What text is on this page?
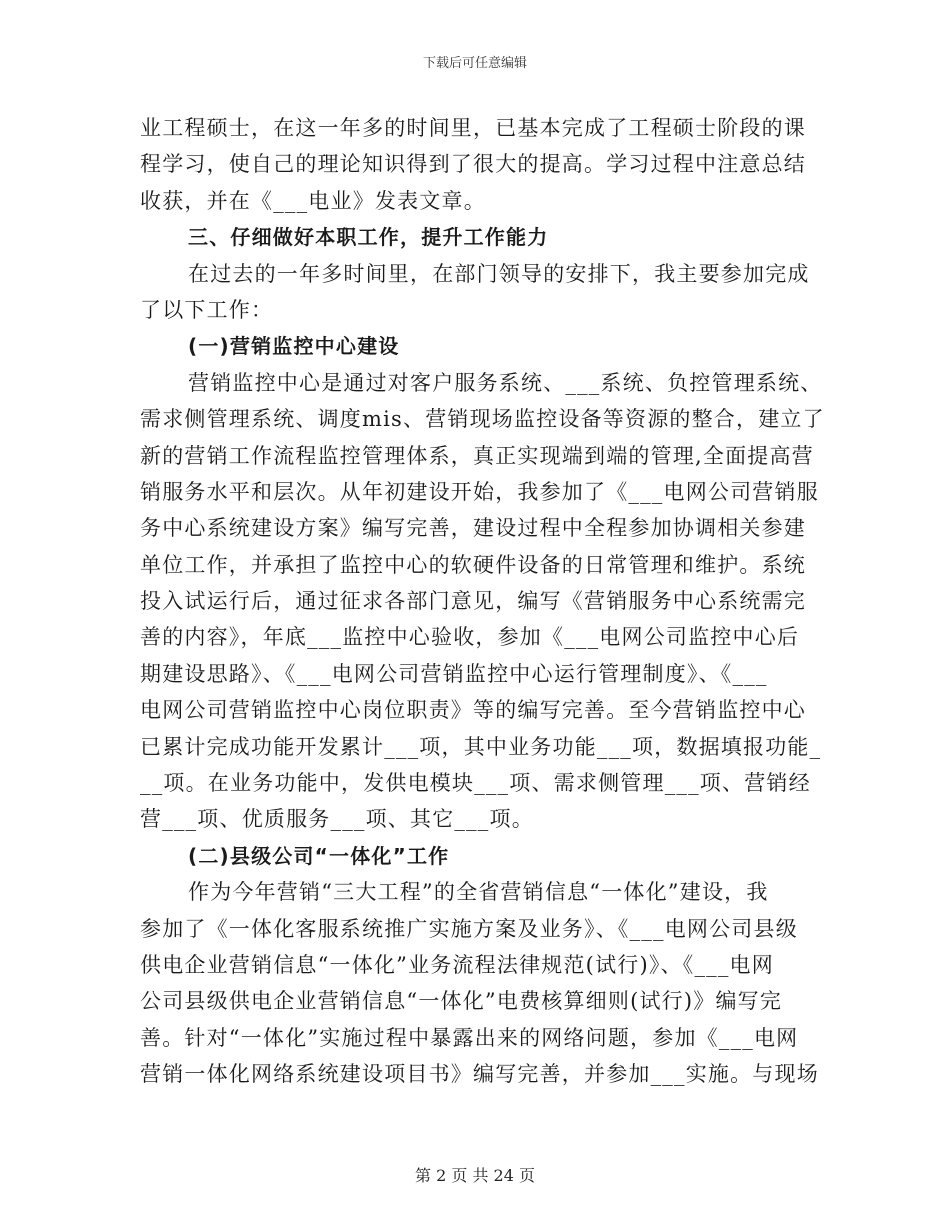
下载后可任意编辑
业工程硕士，在这一年多的时间里，已基本完成了工程硕士阶段的课
程学习，使自己的理论知识得到了很大的提高。学习过程中注意总结
收获，并在《___电业》发表文章。
三、仔细做好本职工作，提升工作能力
在过去的一年多时间里，在部门领导的安排下，我主要参加完成
了以下工作：
(一)营销监控中心建设
营销监控中心是通过对客户服务系统、___系统、负控管理系统、
需求侧管理系统、调度mis、营销现场监控设备等资源的整合，建立了
新的营销工作流程监控管理体系，真正实现端到端的管理,全面提高营
销服务水平和层次。从年初建设开始，我参加了《___电网公司营销服
务中心系统建设方案》编写完善，建设过程中全程参加协调相关参建
单位工作，并承担了监控中心的软硬件设备的日常管理和维护。系统
投入试运行后，通过征求各部门意见，编写《营销服务中心系统需完
善的内容》，年底___监控中心验收，参加《___电网公司监控中心后
期建设思路》、《___电网公司营销监控中心运行管理制度》、《___
电网公司营销监控中心岗位职责》等的编写完善。至今营销监控中心
已累计完成功能开发累计___项，其中业务功能___项，数据填报功能_
__项。在业务功能中，发供电模块___项、需求侧管理___项、营销经
营___项、优质服务___项、其它___项。
(二)县级公司“一体化”工作
作为今年营销“三大工程”的全省营销信息“一体化”建设，我
参加了《一体化客服系统推广实施方案及业务》、《___电网公司县级
供电企业营销信息“一体化”业务流程法律规范(试行)》、《___电网
公司县级供电企业营销信息“一体化”电费核算细则(试行)》编写完
善。针对“一体化”实施过程中暴露出来的网络问题，参加《___电网
营销一体化网络系统建设项目书》编写完善，并参加___实施。与现场
第 2 页 共 24 页
